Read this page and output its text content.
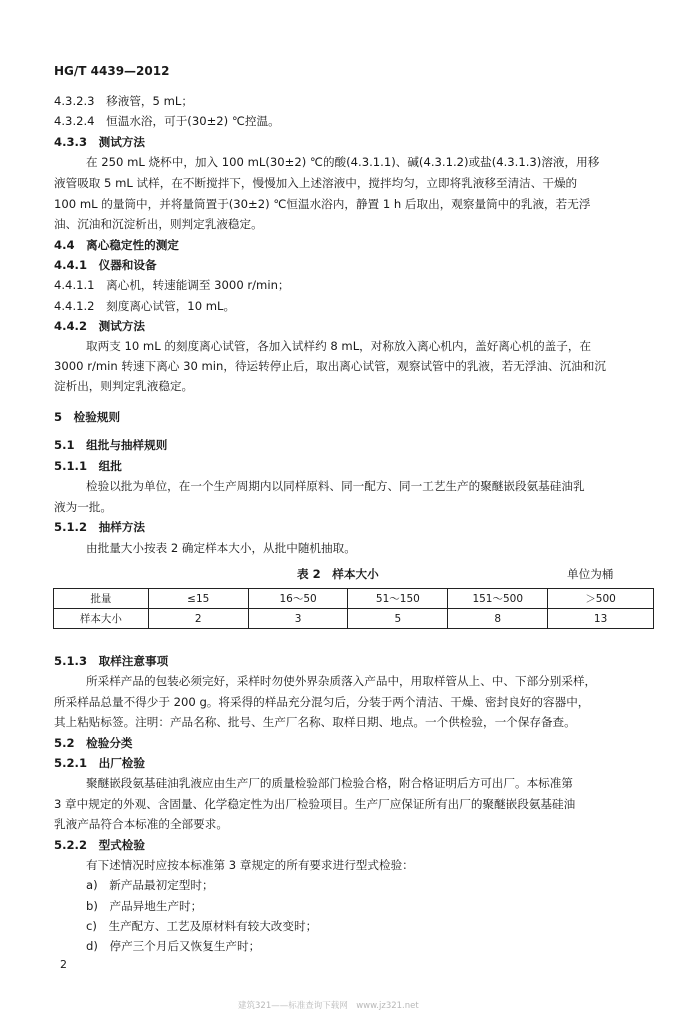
HG/T 4439—2012
4.3.2.3　移液管，5 mL；
4.3.2.4　恒温水浴，可于(30±2) ℃控温。
4.3.3　测试方法
在 250 mL 烧杯中，加入 100 mL(30±2) ℃的酸(4.3.1.1)、碱(4.3.1.2)或盐(4.3.1.3)溶液，用移
液管吸取 5 mL 试样，在不断搅拌下，慢慢加入上述溶液中，搅拌均匀，立即将乳液移至清洁、干燥的
100 mL 的量筒中，并将量筒置于(30±2) ℃恒温水浴内，静置 1 h 后取出，观察量筒中的乳液，若无浮
油、沉油和沉淀析出，则判定乳液稳定。
4.4　离心稳定性的测定
4.4.1　仪器和设备
4.4.1.1　离心机，转速能调至 3000 r/min；
4.4.1.2　刻度离心试管，10 mL。
4.4.2　测试方法
取两支 10 mL 的刻度离心试管，各加入试样约 8 mL，对称放入离心机内，盖好离心机的盖子，在
3000 r/min 转速下离心 30 min，待运转停止后，取出离心试管，观察试管中的乳液，若无浮油、沉油和沉
淀析出，则判定乳液稳定。
5　检验规则
5.1　组批与抽样规则
5.1.1　组批
检验以批为单位，在一个生产周期内以同样原料、同一配方、同一工艺生产的聚醚嵌段氨基硅油乳
液为一批。
5.1.2　抽样方法
由批量大小按表 2 确定样本大小，从批中随机抽取。
5.1.3　取样注意事项
所采样产品的包装必须完好，采样时勿使外界杂质落入产品中，用取样管从上、中、下部分别采样，
所采样品总量不得少于 200 g。将采得的样品充分混匀后，分装于两个清洁、干燥、密封良好的容器中，
其上粘贴标签。注明：产品名称、批号、生产厂名称、取样日期、地点。一个供检验，一个保存备查。
5.2　检验分类
5.2.1　出厂检验
聚醚嵌段氨基硅油乳液应由生产厂的质量检验部门检验合格，附合格证明后方可出厂。本标准第
3 章中规定的外观、含固量、化学稳定性为出厂检验项目。生产厂应保证所有出厂的聚醚嵌段氨基硅油
乳液产品符合本标准的全部要求。
5.2.2　型式检验
有下述情况时应按本标准第 3 章规定的所有要求进行型式检验：
a)　新产品最初定型时；
b)　产品异地生产时；
c)　生产配方、工艺及原材料有较大改变时；
d)　停产三个月后又恢复生产时；
表 2　样本大小	单位为桶
批量	≤15	16～50	51～150	151～500	＞500
样本大小	2	3	5	8	13
2
建筑321——标准查询下载网　www.jz321.net
